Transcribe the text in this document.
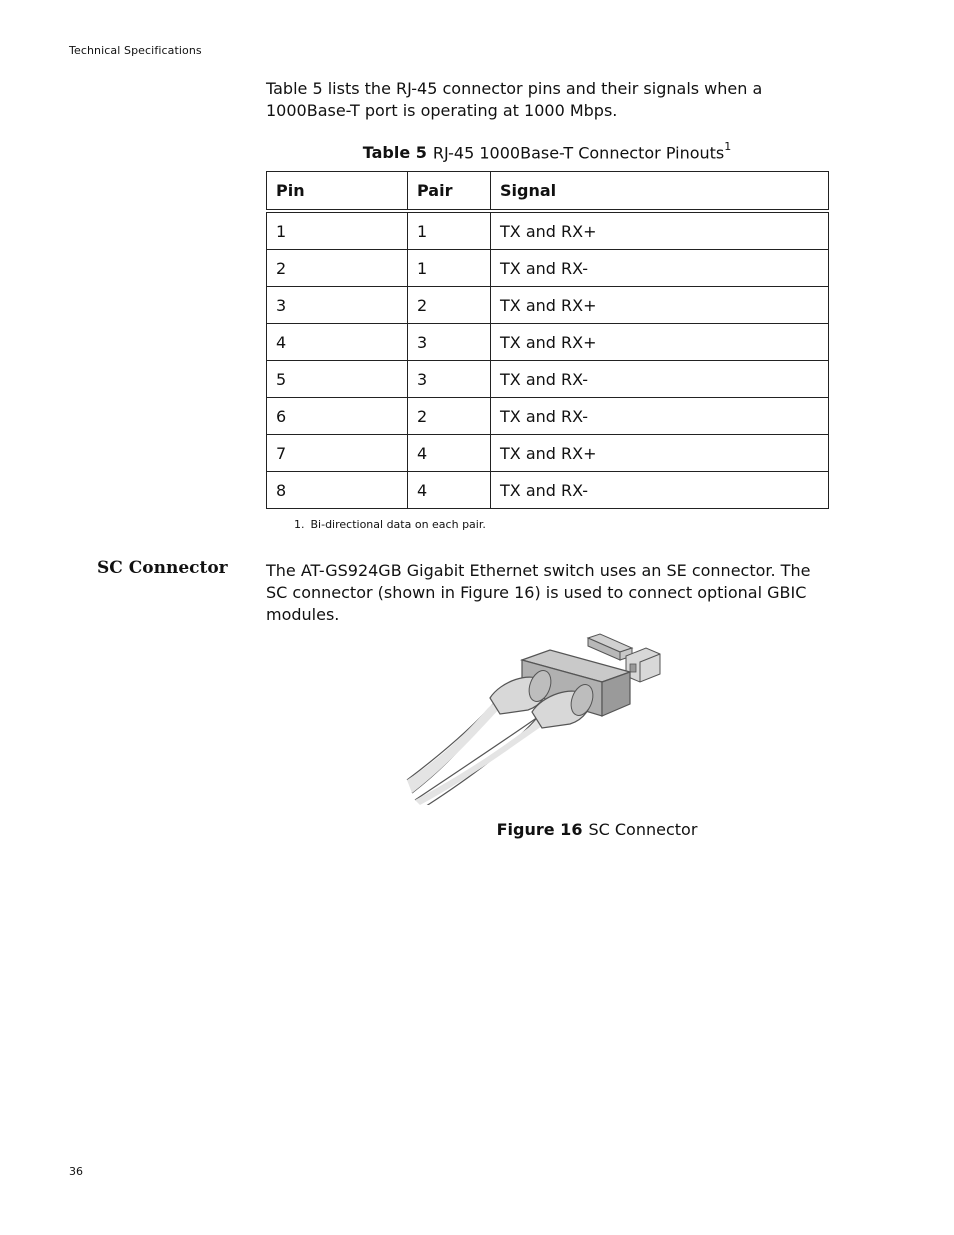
Technical Specifications
Table 5 lists the RJ-45 connector pins and their signals when a 1000Base-T port is operating at 1000 Mbps.
Table 5 RJ-45 1000Base-T Connector Pinouts$^1$
Pin	Pair	Signal
1	1	TX and RX+
2	1	TX and RX-
3	2	TX and RX+
4	3	TX and RX+
5	3	TX and RX-
6	2	TX and RX-
7	4	TX and RX+
8	4	TX and RX-
1. Bi-directional data on each pair.
SC Connector The AT-GS924GB Gigabit Ethernet switch uses an SE connector. The SC connector (shown in Figure 16) is used to connect optional GBIC modules.
Figure 16 SC Connector
36
